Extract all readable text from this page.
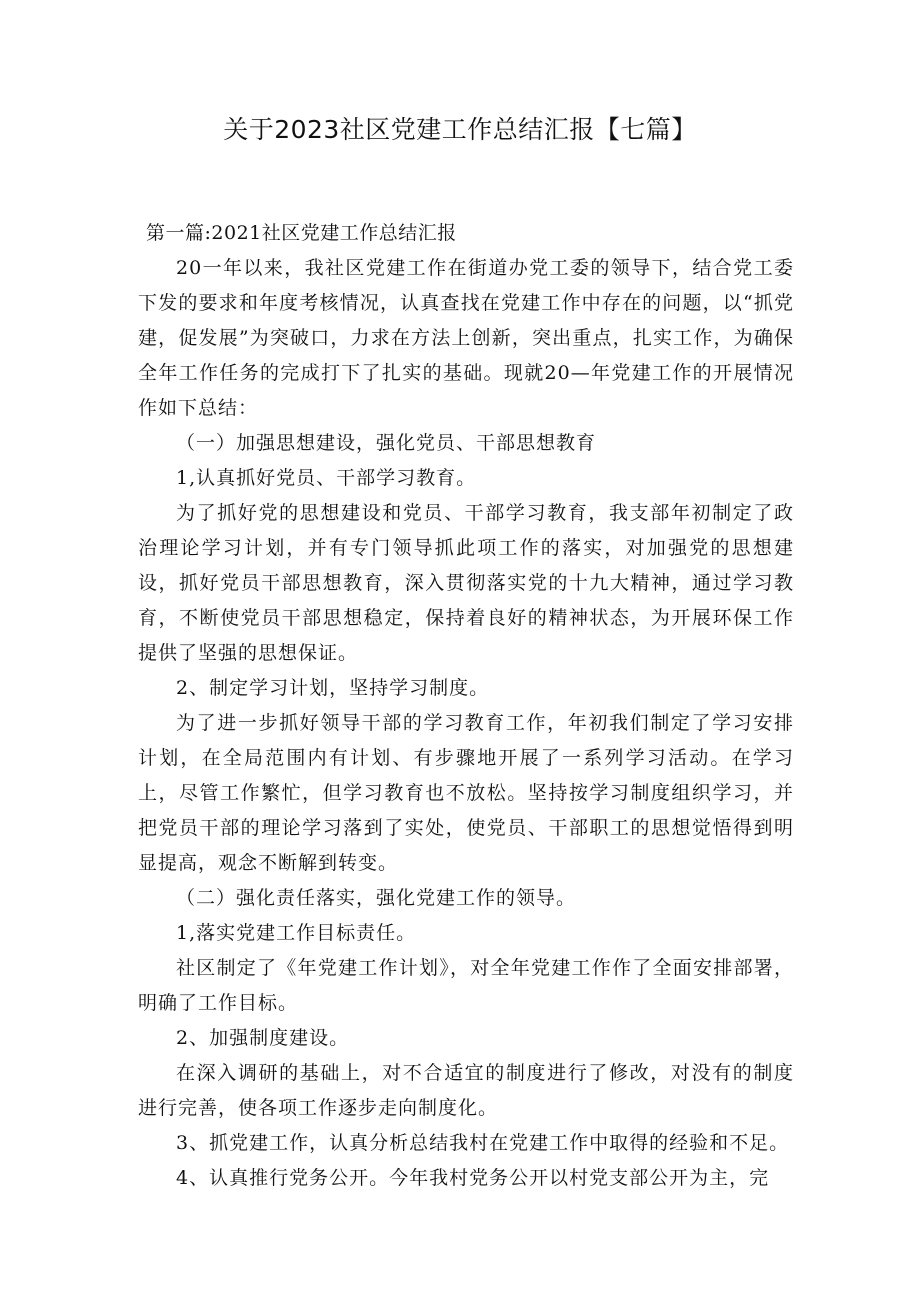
关于2023社区党建工作总结汇报【七篇】

第一篇:2021社区党建工作总结汇报

20一年以来，我社区党建工作在街道办党工委的领导下，结合党工委下发的要求和年度考核情况，认真查找在党建工作中存在的问题，以“抓党建，促发展”为突破口，力求在方法上创新，突出重点，扎实工作，为确保全年工作任务的完成打下了扎实的基础。现就20—年党建工作的开展情况作如下总结：

（一）加强思想建设，强化党员、干部思想教育

1,认真抓好党员、干部学习教育。

为了抓好党的思想建设和党员、干部学习教育，我支部年初制定了政治理论学习计划，并有专门领导抓此项工作的落实，对加强党的思想建设，抓好党员干部思想教育，深入贯彻落实党的十九大精神，通过学习教育，不断使党员干部思想稳定，保持着良好的精神状态，为开展环保工作提供了坚强的思想保证。

2、制定学习计划，坚持学习制度。

为了进一步抓好领导干部的学习教育工作，年初我们制定了学习安排计划，在全局范围内有计划、有步骤地开展了一系列学习活动。在学习上，尽管工作繁忙，但学习教育也不放松。坚持按学习制度组织学习，并把党员干部的理论学习落到了实处，使党员、干部职工的思想觉悟得到明显提高，观念不断解到转变。

（二）强化责任落实，强化党建工作的领导。

1,落实党建工作目标责任。

社区制定了《年党建工作计划》，对全年党建工作作了全面安排部署，明确了工作目标。

2、加强制度建设。

在深入调研的基础上，对不合适宜的制度进行了修改，对没有的制度进行完善，使各项工作逐步走向制度化。

3、抓党建工作，认真分析总结我村在党建工作中取得的经验和不足。

4、认真推行党务公开。今年我村党务公开以村党支部公开为主，完
